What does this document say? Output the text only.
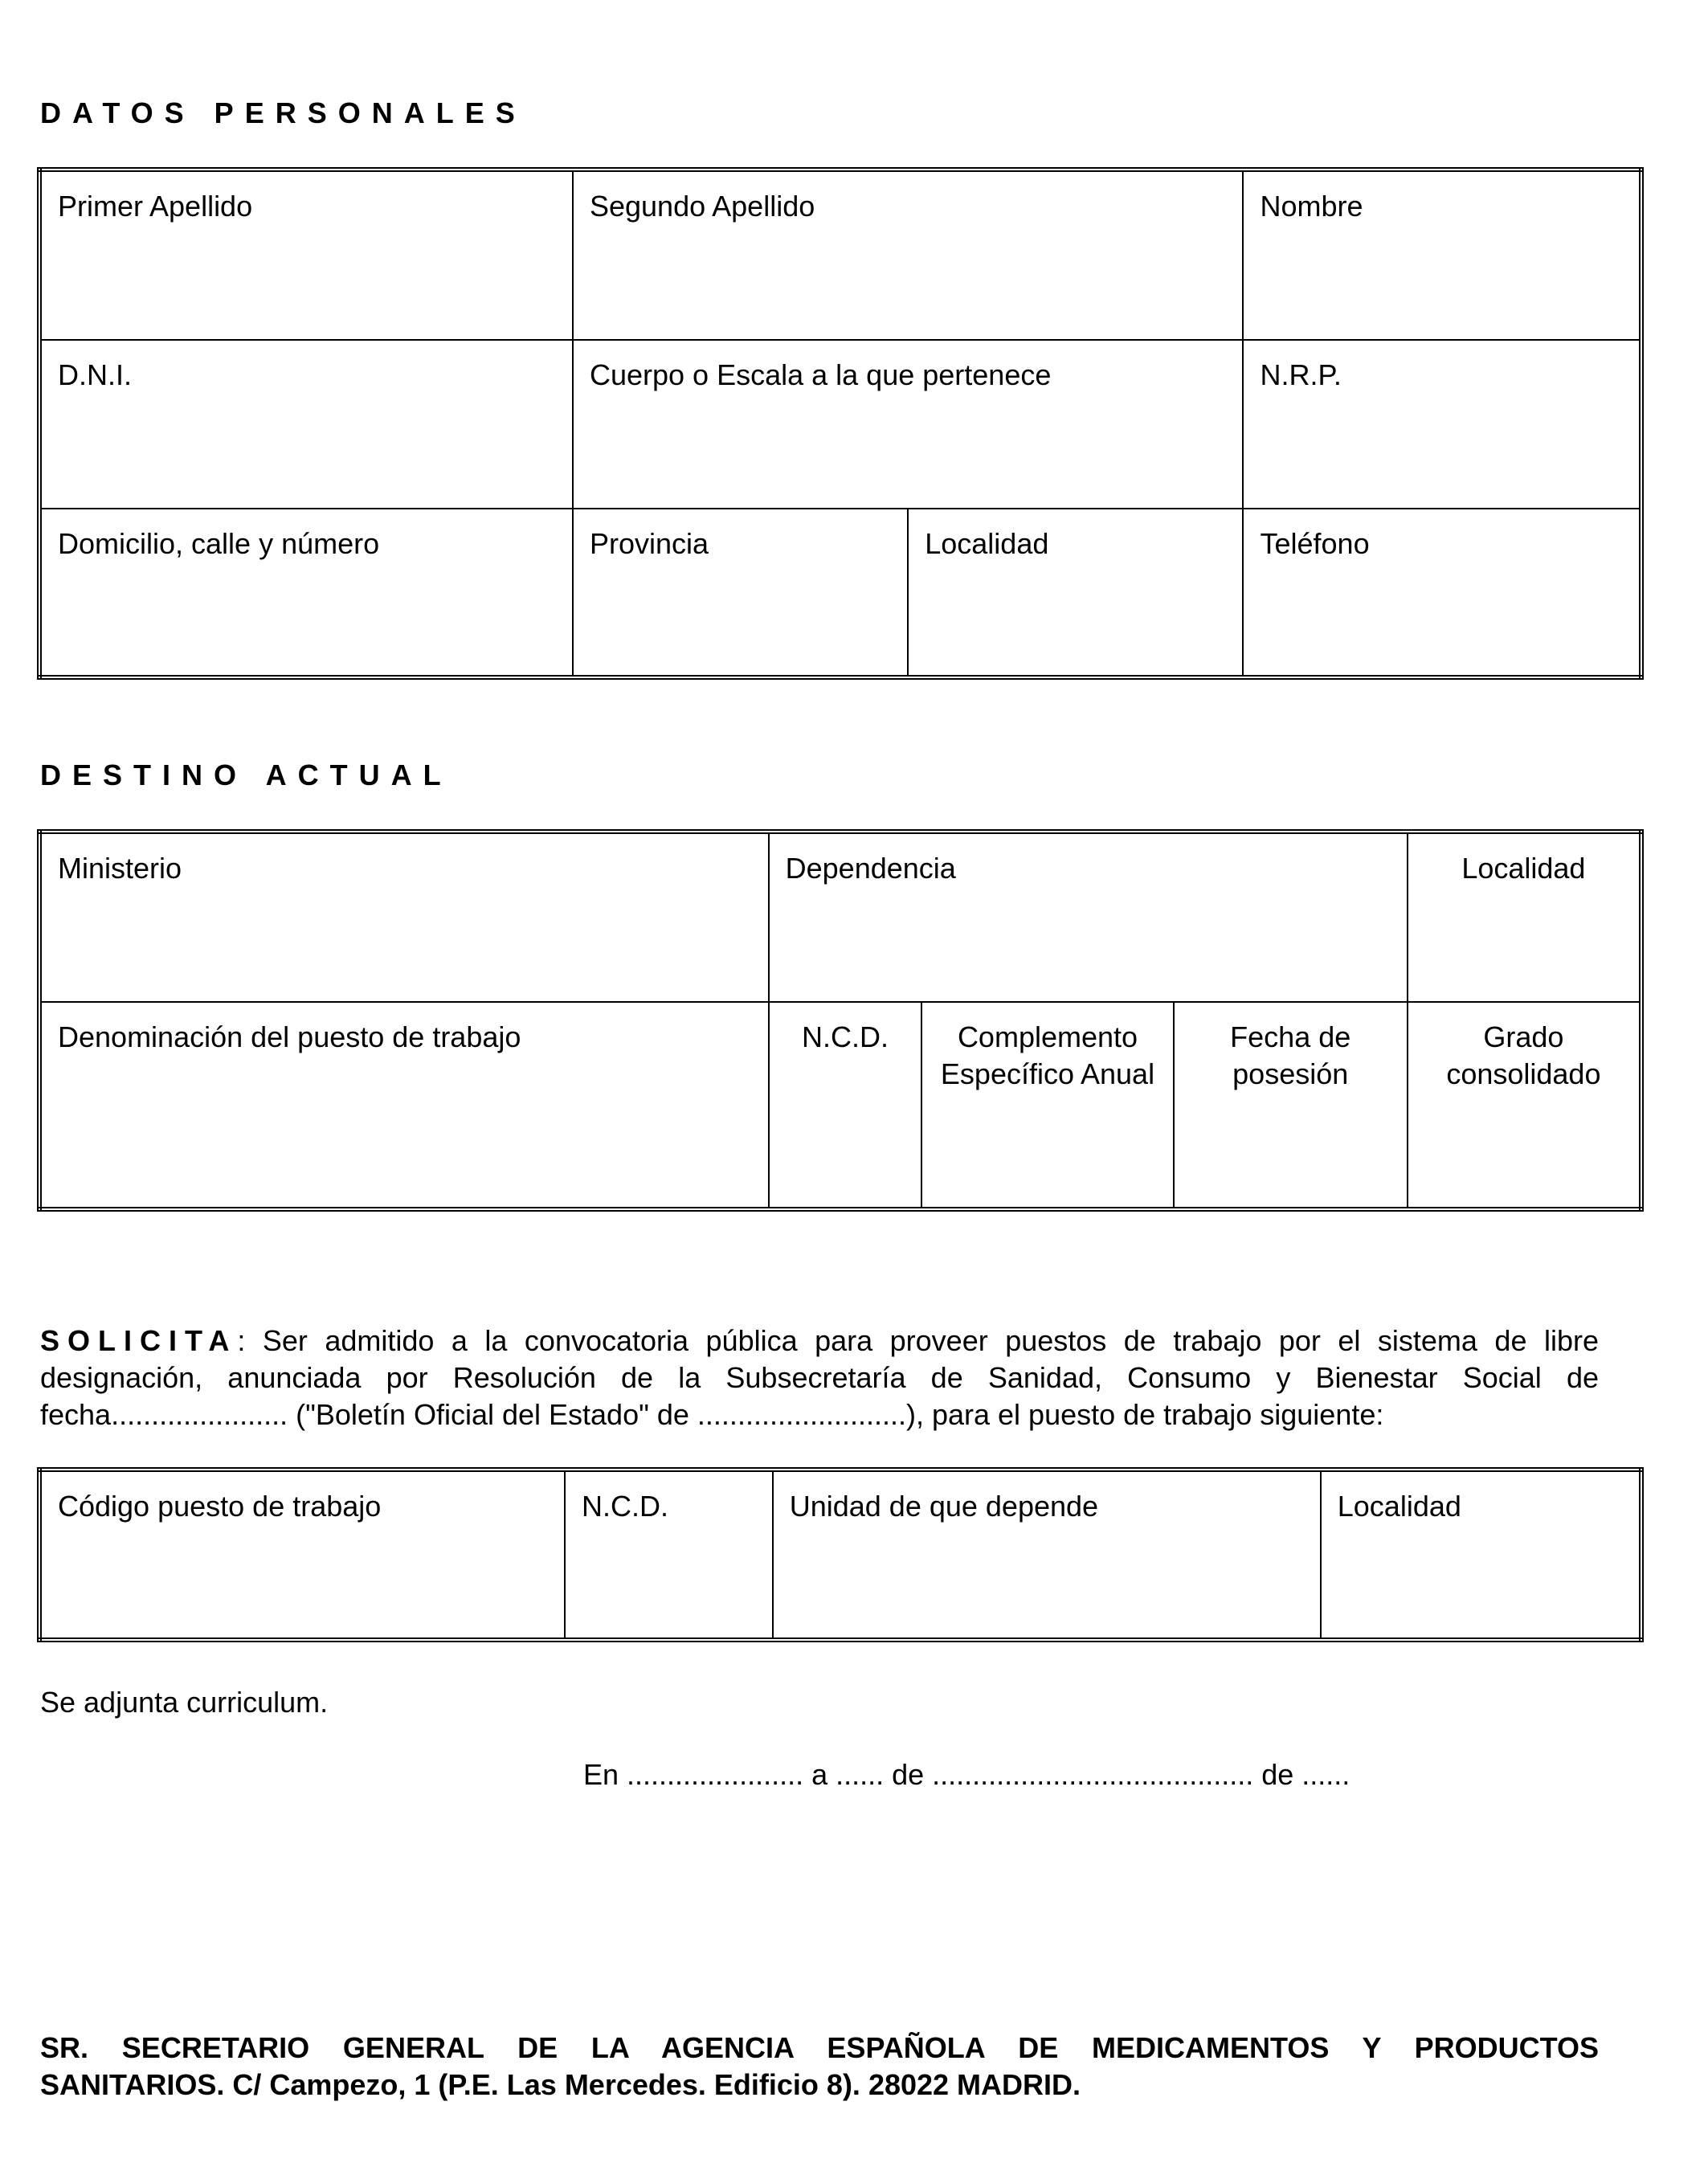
DATOS PERSONALES
Primer Apellido	Segundo Apellido		Nombre
D.N.I.	Cuerpo o Escala a la que pertenece		N.R.P.
Domicilio, calle y número	Provincia	Localidad	Teléfono
DESTINO ACTUAL
Ministerio	Dependencia			Localidad
Denominación del puesto de trabajo	N.C.D.	Complemento Específico Anual	Fecha de posesión	Grado consolidado

SOLICITA: Ser admitido a la convocatoria pública para proveer puestos de trabajo por el sistema de libre designación, anunciada por Resolución de la Subsecretaría de Sanidad, Consumo y Bienestar Social de fecha...................... ("Boletín Oficial del Estado" de ..........................), para el puesto de trabajo siguiente:

Código puesto de trabajo	N.C.D.	Unidad de que depende	Localidad

Se adjunta curriculum.

En ...................... a ...... de ........................................ de ......

SR. SECRETARIO GENERAL DE LA AGENCIA ESPAÑOLA DE MEDICAMENTOS Y PRODUCTOS
SANITARIOS. C/ Campezo, 1 (P.E. Las Mercedes. Edificio 8). 28022 MADRID.
